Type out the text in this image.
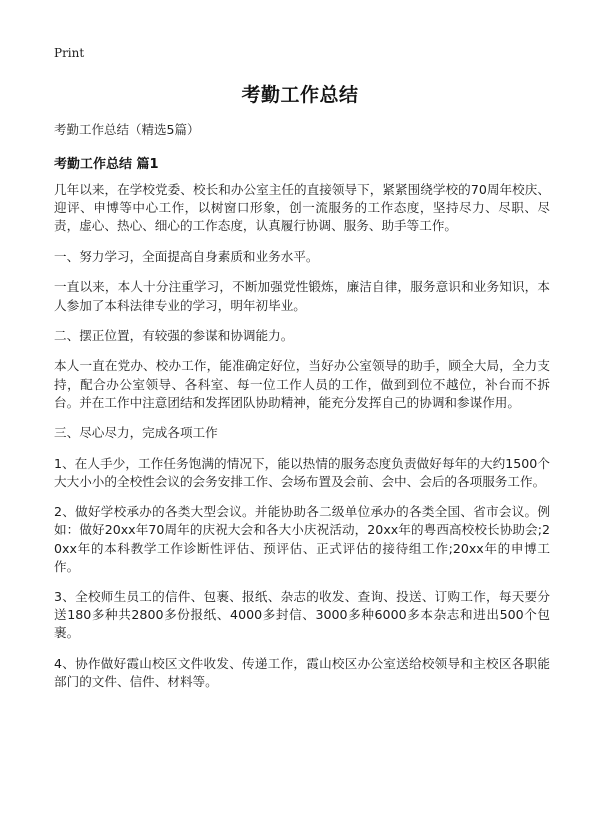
Print
考勤工作总结
考勤工作总结（精选5篇）
考勤工作总结 篇1

几年以来，在学校党委、校长和办公室主任的直接领导下，紧紧围绕学校的70周年校庆、迎评、申博等中心工作，以树窗口形象，创一流服务的工作态度，坚持尽力、尽职、尽责，虚心、热心、细心的工作态度，认真履行协调、服务、助手等工作。

一、努力学习，全面提高自身素质和业务水平。

一直以来，本人十分注重学习，不断加强党性锻炼，廉洁自律，服务意识和业务知识，本人参加了本科法律专业的学习，明年初毕业。

二、摆正位置，有较强的参谋和协调能力。

本人一直在党办、校办工作，能准确定好位，当好办公室领导的助手，顾全大局，全力支持，配合办公室领导、各科室、每一位工作人员的工作，做到到位不越位，补台而不拆台。并在工作中注意团结和发挥团队协助精神，能充分发挥自己的协调和参谋作用。

三、尽心尽力，完成各项工作

1、在人手少，工作任务饱满的情况下，能以热情的服务态度负责做好每年的大约1500个大大小小的全校性会议的会务安排工作、会场布置及会前、会中、会后的各项服务工作。

2、做好学校承办的各类大型会议。并能协助各二级单位承办的各类全国、省市会议。例如：做好20xx年70周年的庆祝大会和各大小庆祝活动，20xx年的粤西高校校长协助会;20xx年的本科教学工作诊断性评估、预评估、正式评估的接待组工作;20xx年的申博工作。

3、全校师生员工的信件、包裹、报纸、杂志的收发、查询、投送、订购工作，每天要分送180多种共2800多份报纸、4000多封信、3000多种6000多本杂志和进出500个包裹。

4、协作做好霞山校区文件收发、传递工作，霞山校区办公室送给校领导和主校区各职能部门的文件、信件、材料等。
